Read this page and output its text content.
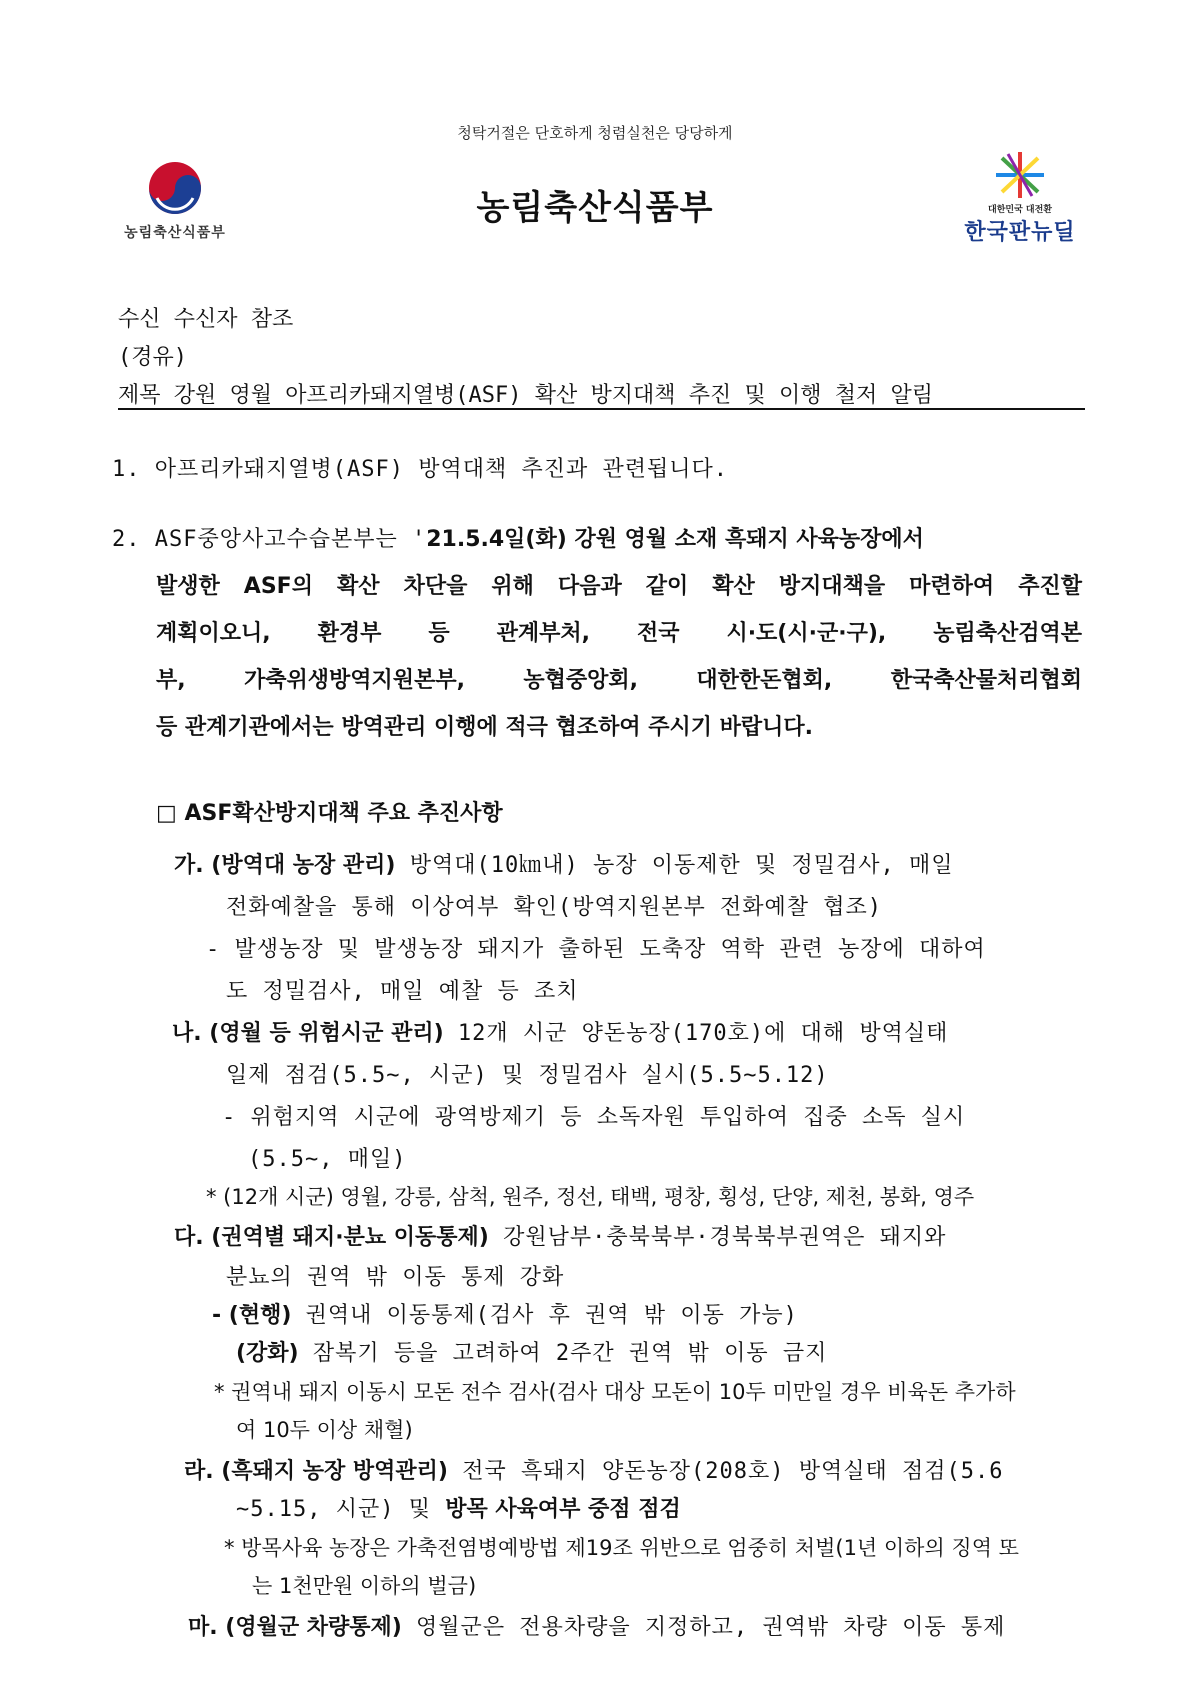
청탁거절은 단호하게 청렴실천은 당당하게
농림축산식품부
농림축산식품부	대한민국 대전환
한국판뉴딜
수신 수신자 참조
(경유)
제목 강원 영월 아프리카돼지열병(ASF) 확산 방지대책 추진 및 이행 철저 알림
1. 아프리카돼지열병(ASF) 방역대책 추진과 관련됩니다.
2. ASF중앙사고수습본부는 '21.5.4일(화) 강원 영월 소재 흑돼지 사육농장에서
발생한 ASF의 확산 차단을 위해 다음과 같이 확산 방지대책을 마련하여 추진할
계획이오니, 환경부 등 관계부처, 전국 시·도(시·군·구), 농림축산검역본
부, 가축위생방역지원본부, 농협중앙회, 대한한돈협회, 한국축산물처리협회
등 관계기관에서는 방역관리 이행에 적극 협조하여 주시기 바랍니다.
□ ASF확산방지대책 주요 추진사항
가. (방역대 농장 관리) 방역대(10㎞내) 농장 이동제한 및 정밀검사, 매일
전화예찰을 통해 이상여부 확인(방역지원본부 전화예찰 협조)
- 발생농장 및 발생농장 돼지가 출하된 도축장 역학 관련 농장에 대하여
도 정밀검사, 매일 예찰 등 조치
나. (영월 등 위험시군 관리) 12개 시군 양돈농장(170호)에 대해 방역실태
일제 점검(5.5~, 시군) 및 정밀검사 실시(5.5~5.12)
- 위험지역 시군에 광역방제기 등 소독자원 투입하여 집중 소독 실시
(5.5~, 매일)
* (12개 시군) 영월, 강릉, 삼척, 원주, 정선, 태백, 평창, 횡성, 단양, 제천, 봉화, 영주
다. (권역별 돼지·분뇨 이동통제) 강원남부·충북북부·경북북부권역은 돼지와
분뇨의 권역 밖 이동 통제 강화
- (현행) 권역내 이동통제(검사 후 권역 밖 이동 가능)
(강화) 잠복기 등을 고려하여 2주간 권역 밖 이동 금지
* 권역내 돼지 이동시 모돈 전수 검사(검사 대상 모돈이 10두 미만일 경우 비육돈 추가하
여 10두 이상 채혈)
라. (흑돼지 농장 방역관리) 전국 흑돼지 양돈농장(208호) 방역실태 점검(5.6
~5.15, 시군) 및 방목 사육여부 중점 점검
* 방목사육 농장은 가축전염병예방법 제19조 위반으로 엄중히 처벌(1년 이하의 징역 또
는 1천만원 이하의 벌금)
마. (영월군 차량통제) 영월군은 전용차량을 지정하고, 권역밖 차량 이동 통제
